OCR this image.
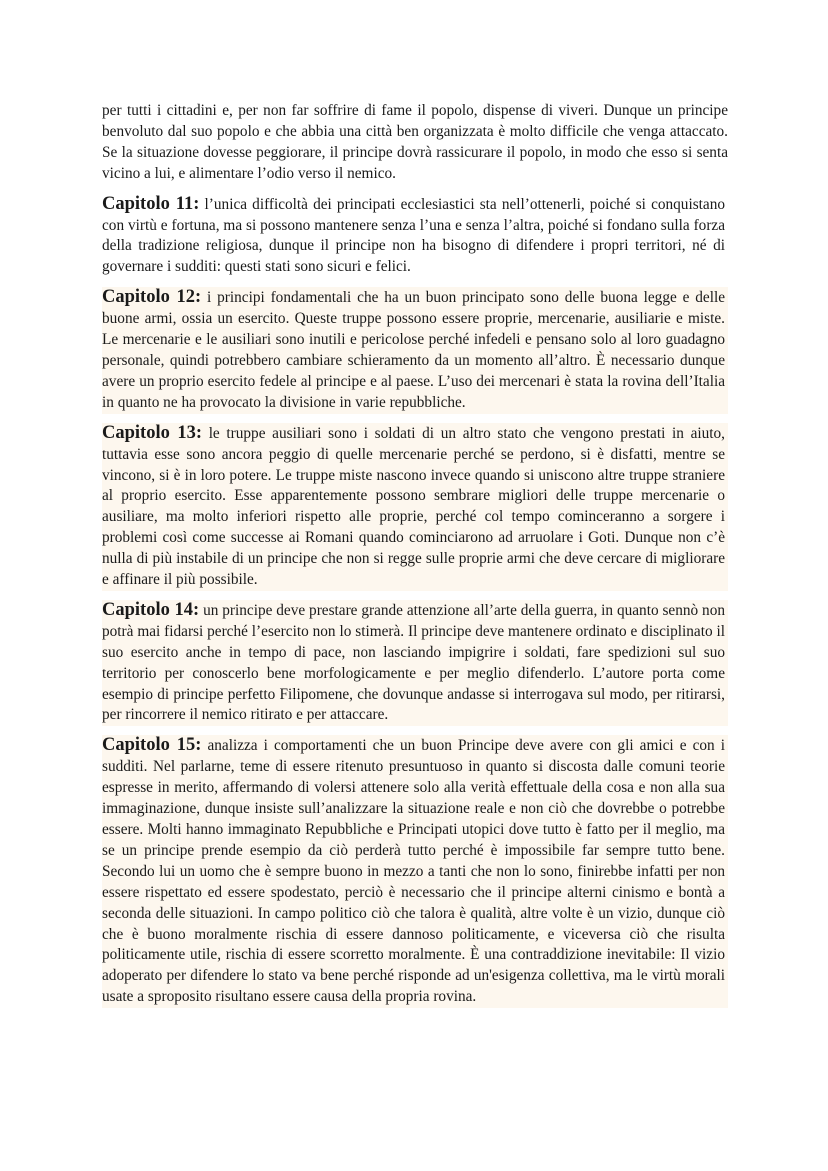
per tutti i cittadini e, per non far soffrire di fame il popolo, dispense di viveri. Dunque un principe benvoluto dal suo popolo e che abbia una città ben organizzata è molto difficile che venga attaccato. Se la situazione dovesse peggiorare, il principe dovrà rassicurare il popolo, in modo che esso si senta vicino a lui, e alimentare l’odio verso il nemico.

Capitolo 11: l’unica difficoltà dei principati ecclesiastici sta nell’ottenerli, poiché si conquistano con virtù e fortuna, ma si possono mantenere senza l’una e senza l’altra, poiché si fondano sulla forza della tradizione religiosa, dunque il principe non ha bisogno di difendere i propri territori, né di governare i sudditi: questi stati sono sicuri e felici.
Capitolo 12: i principi fondamentali che ha un buon principato sono delle buona legge e delle buone armi, ossia un esercito. Queste truppe possono essere proprie, mercenarie, ausiliarie e miste. Le mercenarie e le ausiliari sono inutili e pericolose perché infedeli e pensano solo al loro guadagno personale, quindi potrebbero cambiare schieramento da un momento all’altro. È necessario dunque avere un proprio esercito fedele al principe e al paese. L’uso dei mercenari è stata la rovina dell’Italia in quanto ne ha provocato la divisione in varie repubbliche.
Capitolo 13: le truppe ausiliari sono i soldati di un altro stato che vengono prestati in aiuto, tuttavia esse sono ancora peggio di quelle mercenarie perché se perdono, si è disfatti, mentre se vincono, si è in loro potere. Le truppe miste nascono invece quando si uniscono altre truppe straniere al proprio esercito. Esse apparentemente possono sembrare migliori delle truppe mercenarie o ausiliare, ma molto inferiori rispetto alle proprie, perché col tempo cominceranno a sorgere i problemi così come successe ai Romani quando cominciarono ad arruolare i Goti. Dunque non c’è nulla di più instabile di un principe che non si regge sulle proprie armi che deve cercare di migliorare e affinare il più possibile.
Capitolo 14: un principe deve prestare grande attenzione all’arte della guerra, in quanto sennò non potrà mai fidarsi perché l’esercito non lo stimerà. Il principe deve mantenere ordinato e disciplinato il suo esercito anche in tempo di pace, non lasciando impigrire i soldati, fare spedizioni sul suo territorio per conoscerlo bene morfologicamente e per meglio difenderlo. L’autore porta come esempio di principe perfetto Filipomene, che dovunque andasse si interrogava sul modo, per ritirarsi, per rincorrere il nemico ritirato e per attaccare.
Capitolo 15: analizza i comportamenti che un buon Principe deve avere con gli amici e con i sudditi. Nel parlarne, teme di essere ritenuto presuntuoso in quanto si discosta dalle comuni teorie espresse in merito, affermando di volersi attenere solo alla verità effettuale della cosa e non alla sua immaginazione, dunque insiste sull’analizzare la situazione reale e non ciò che dovrebbe o potrebbe essere. Molti hanno immaginato Repubbliche e Principati utopici dove tutto è fatto per il meglio, ma se un principe prende esempio da ciò perderà tutto perché è impossibile far sempre tutto bene. Secondo lui un uomo che è sempre buono in mezzo a tanti che non lo sono, finirebbe infatti per non essere rispettato ed essere spodestato, perciò è necessario che il principe alterni cinismo e bontà a seconda delle situazioni. In campo politico ciò che talora è qualità, altre volte è un vizio, dunque ciò che è buono moralmente rischia di essere dannoso politicamente, e viceversa ciò che risulta politicamente utile, rischia di essere scorretto moralmente. È una contraddizione inevitabile: Il vizio adoperato per difendere lo stato va bene perché risponde ad un'esigenza collettiva, ma le virtù morali usate a sproposito risultano essere causa della propria rovina.
